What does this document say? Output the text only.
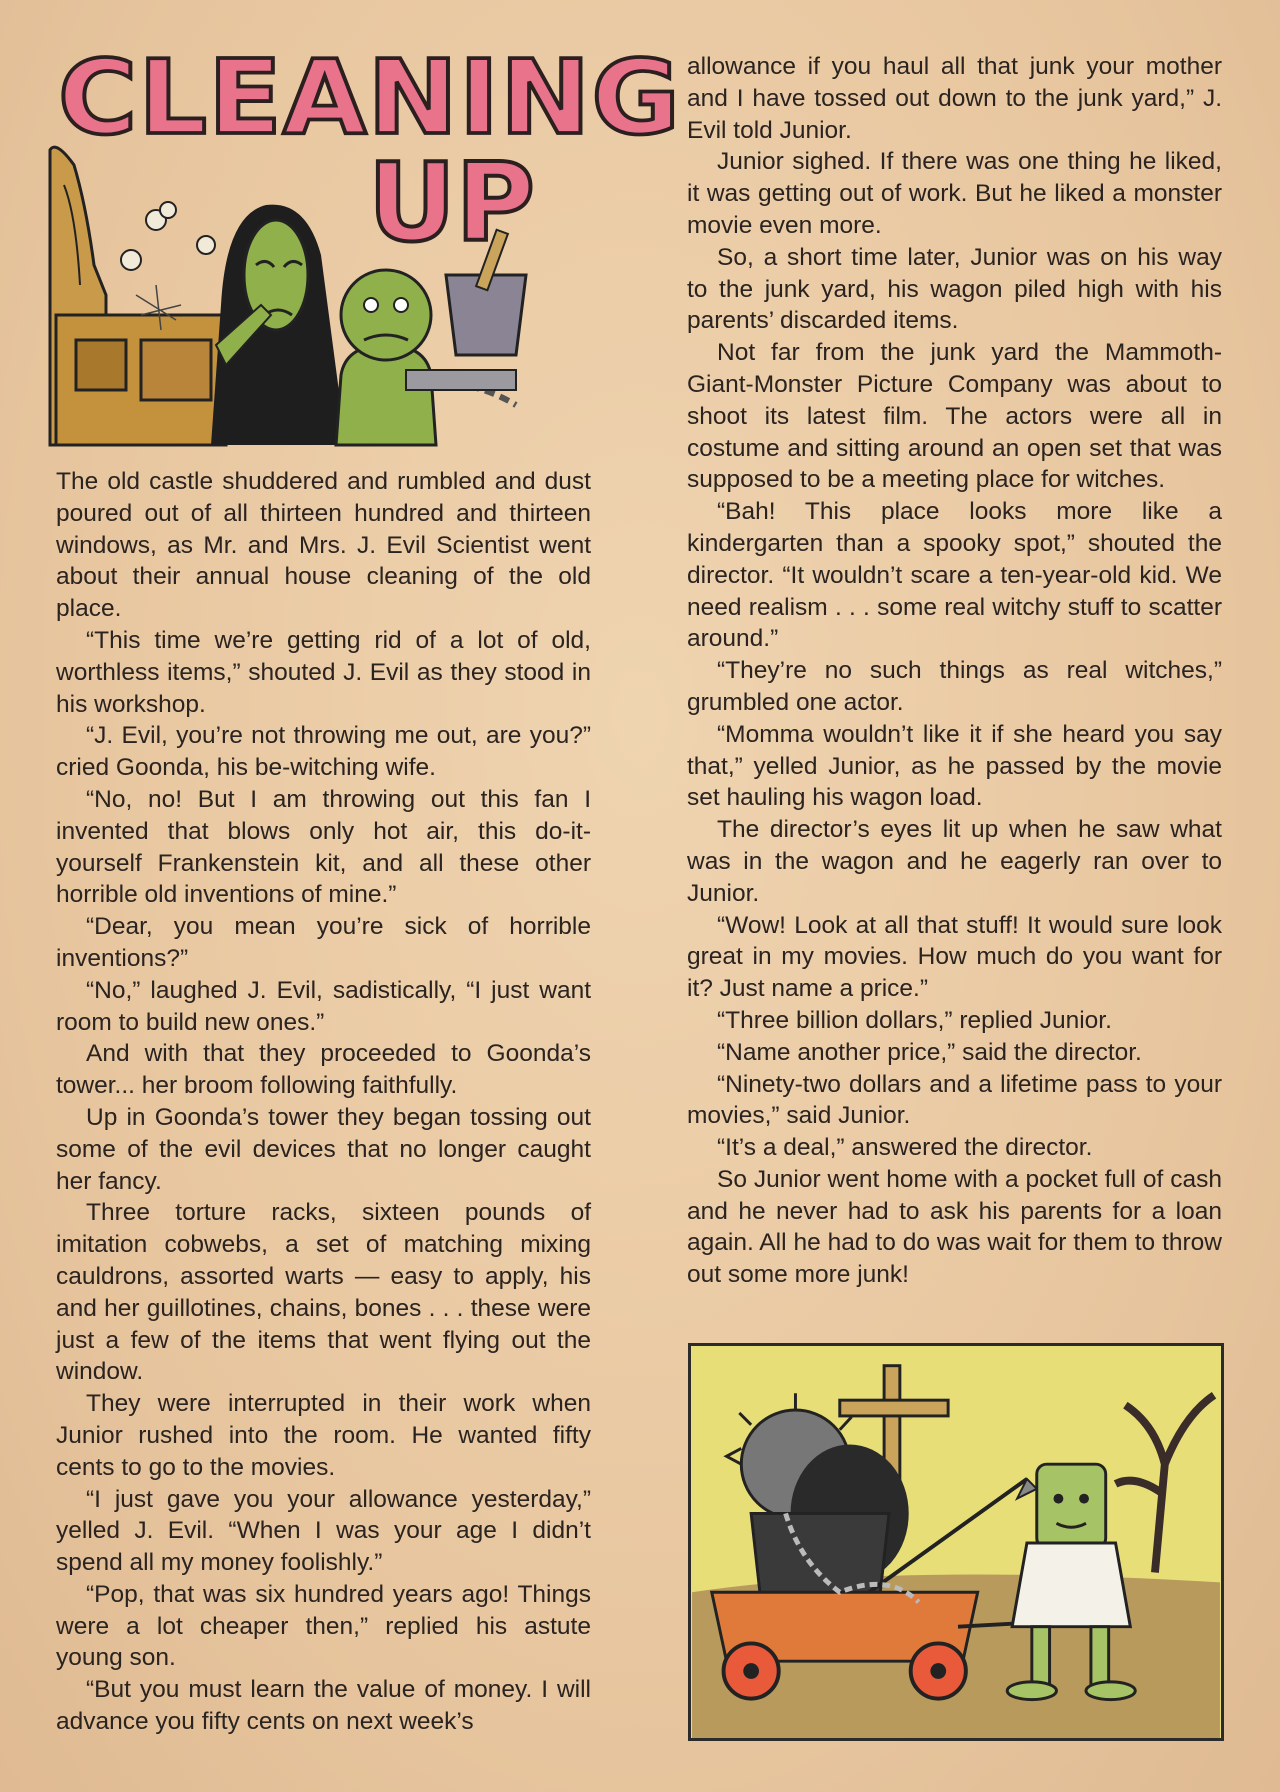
CLEANING
UP

The old castle shuddered and rumbled and dust poured out of all thirteen hundred and thirteen windows, as Mr. and Mrs. J. Evil Scientist went about their annual house cleaning of the old place.

“This time we’re getting rid of a lot of old, worthless items,” shouted J. Evil as they stood in his workshop.

“J. Evil, you’re not throwing me out, are you?” cried Goonda, his be-witching wife.

“No, no! But I am throwing out this fan I invented that blows only hot air, this do-it-yourself Frankenstein kit, and all these other horrible old inventions of mine.”

“Dear, you mean you’re sick of horrible inventions?”

“No,” laughed J. Evil, sadistically, “I just want room to build new ones.”

And with that they proceeded to Goonda’s tower... her broom following faithfully.

Up in Goonda’s tower they began tossing out some of the evil devices that no longer caught her fancy.

Three torture racks, sixteen pounds of imitation cobwebs, a set of matching mixing cauldrons, assorted warts — easy to apply, his and her guillotines, chains, bones . . . these were just a few of the items that went flying out the window.

They were interrupted in their work when Junior rushed into the room. He wanted fifty cents to go to the movies.

“I just gave you your allowance yesterday,” yelled J. Evil. “When I was your age I didn’t spend all my money foolishly.”

“Pop, that was six hundred years ago! Things were a lot cheaper then,” replied his astute young son.

“But you must learn the value of money. I will advance you fifty cents on next week’s

allowance if you haul all that junk your mother and I have tossed out down to the junk yard,” J. Evil told Junior.

Junior sighed. If there was one thing he liked, it was getting out of work. But he liked a monster movie even more.

So, a short time later, Junior was on his way to the junk yard, his wagon piled high with his parents’ discarded items.

Not far from the junk yard the Mammoth-Giant-Monster Picture Company was about to shoot its latest film. The actors were all in costume and sitting around an open set that was supposed to be a meeting place for witches.

“Bah! This place looks more like a kindergarten than a spooky spot,” shouted the director. “It wouldn’t scare a ten-year-old kid. We need realism . . . some real witchy stuff to scatter around.”

“They’re no such things as real witches,” grumbled one actor.

“Momma wouldn’t like it if she heard you say that,” yelled Junior, as he passed by the movie set hauling his wagon load.

The director’s eyes lit up when he saw what was in the wagon and he eagerly ran over to Junior.

“Wow! Look at all that stuff! It would sure look great in my movies. How much do you want for it? Just name a price.”

“Three billion dollars,” replied Junior.

“Name another price,” said the director.

“Ninety-two dollars and a lifetime pass to your movies,” said Junior.

“It’s a deal,” answered the director.

So Junior went home with a pocket full of cash and he never had to ask his parents for a loan again. All he had to do was wait for them to throw out some more junk!
